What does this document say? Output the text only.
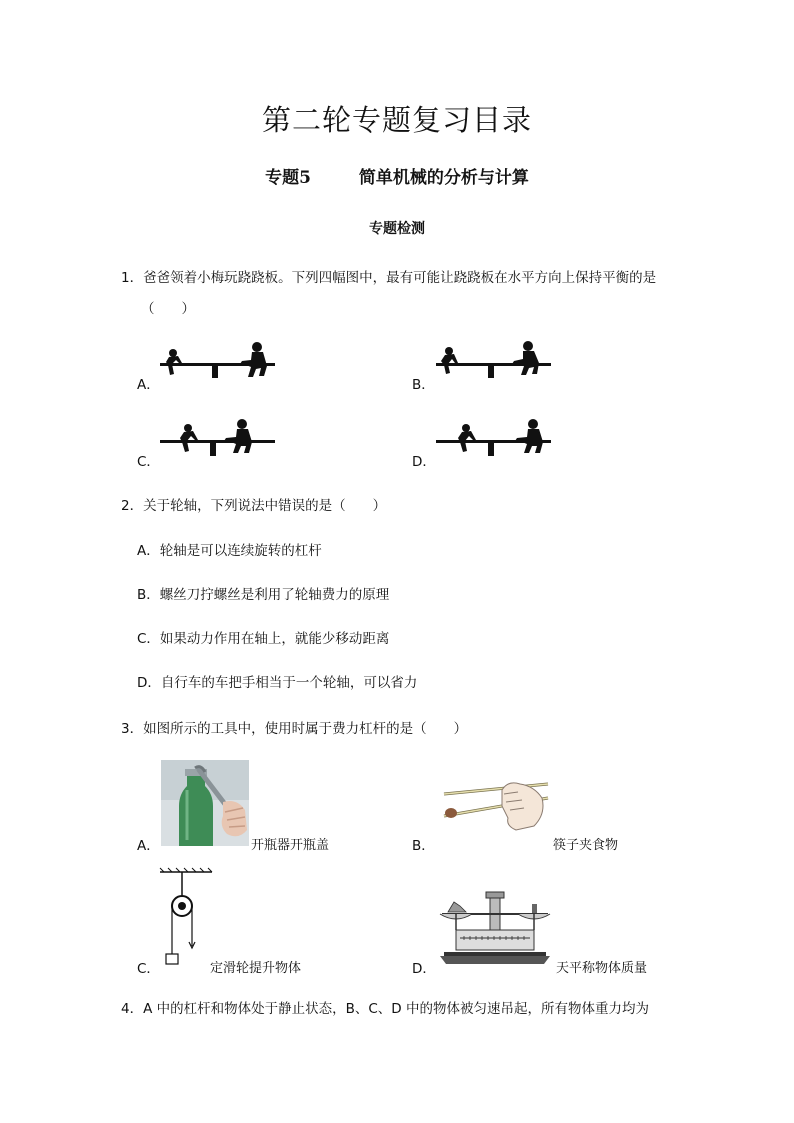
第二轮专题复习目录
专题5	简单机械的分析与计算
专题检测
1．爸爸领着小梅玩跷跷板。下列四幅图中，最有可能让跷跷板在水平方向上保持平衡的是
（　　）
A．	B．
C．	D．
2．关于轮轴，下列说法中错误的是（　　）
A．轮轴是可以连续旋转的杠杆
B．螺丝刀拧螺丝是利用了轮轴费力的原理
C．如果动力作用在轴上，就能少移动距离
D．自行车的车把手相当于一个轮轴，可以省力
3．如图所示的工具中，使用时属于费力杠杆的是（　　）
A．	开瓶器开瓶盖	B．	筷子夹食物
C．	定滑轮提升物体	D．	天平称物体质量
4．A 中的杠杆和物体处于静止状态，B、C、D 中的物体被匀速吊起，所有物体重力均为
